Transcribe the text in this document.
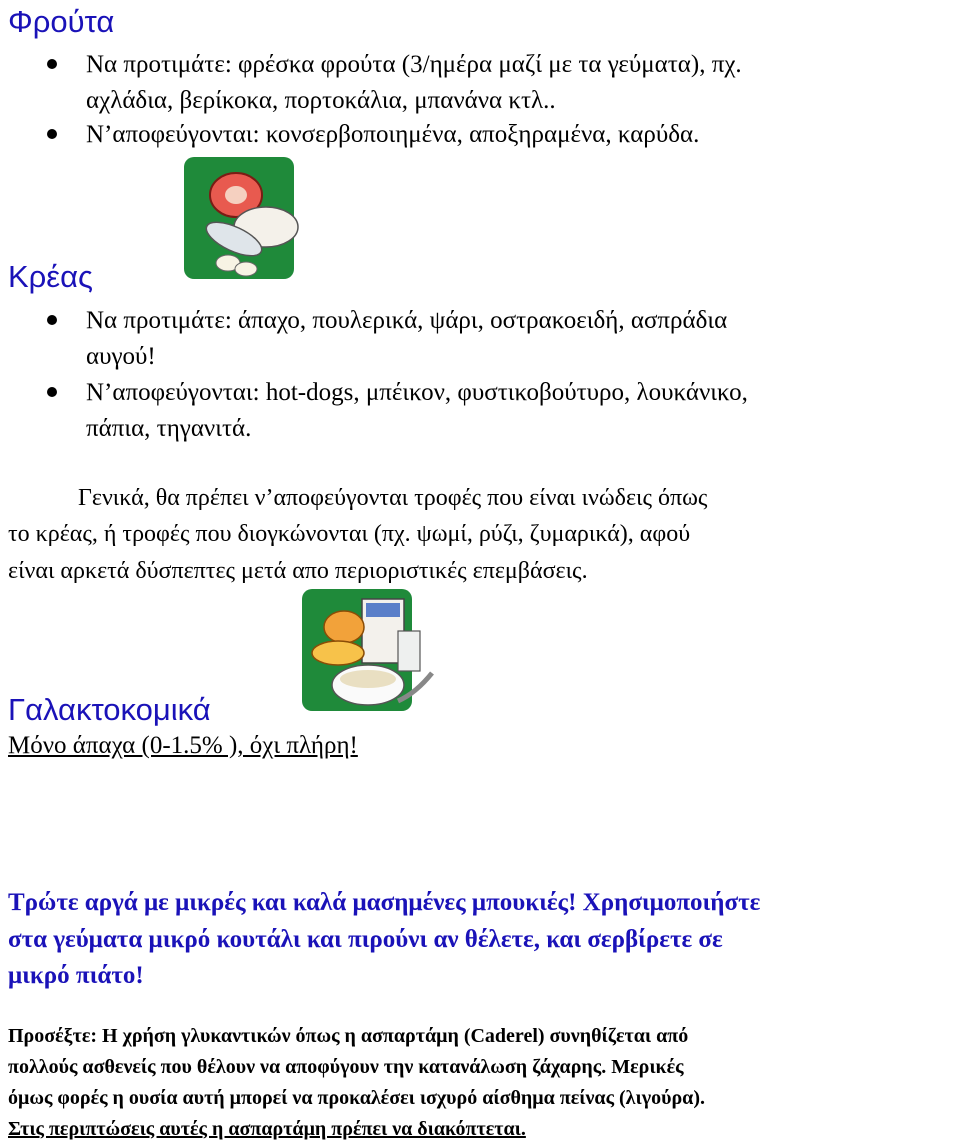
Φρούτα
Να προτιμάτε: φρέσκα φρούτα (3/ημέρα μαζί με τα γεύματα), πχ.
αχλάδια, βερίκοκα, πορτοκάλια, μπανάνα κτλ..
Ν’αποφεύγονται: κονσερβοποιημένα, αποξηραμένα, καρύδα.
Κρέας
Να προτιμάτε: άπαχο, πουλερικά, ψάρι, οστρακοειδή, ασπράδια
αυγού!
Ν’αποφεύγονται: hot-dogs, μπέικον, φυστικοβούτυρο, λουκάνικο,
πάπια, τηγανιτά.
Γενικά, θα πρέπει ν’αποφεύγονται τροφές που είναι ινώδεις όπως
το κρέας, ή τροφές που διογκώνονται (πχ. ψωμί, ρύζι, ζυμαρικά), αφού
είναι αρκετά δύσπεπτες μετά απο περιοριστικές επεμβάσεις.
Γαλακτοκομικά
Μόνο άπαχα (0-1.5% ), όχι πλήρη!
Τρώτε αργά με μικρές και καλά μασημένες μπουκιές! Χρησιμοποιήστε
στα γεύματα μικρό κουτάλι και πιρούνι αν θέλετε, και σερβίρετε σε
μικρό πιάτο!
Προσέξτε: Η χρήση γλυκαντικών όπως η ασπαρτάμη (Caderel) συνηθίζεται από
πολλούς ασθενείς που θέλουν να αποφύγουν την κατανάλωση ζάχαρης. Μερικές
όμως φορές η ουσία αυτή μπορεί να προκαλέσει ισχυρό αίσθημα πείνας (λιγούρα).
Στις περιπτώσεις αυτές η ασπαρτάμη πρέπει να διακόπτεται.
